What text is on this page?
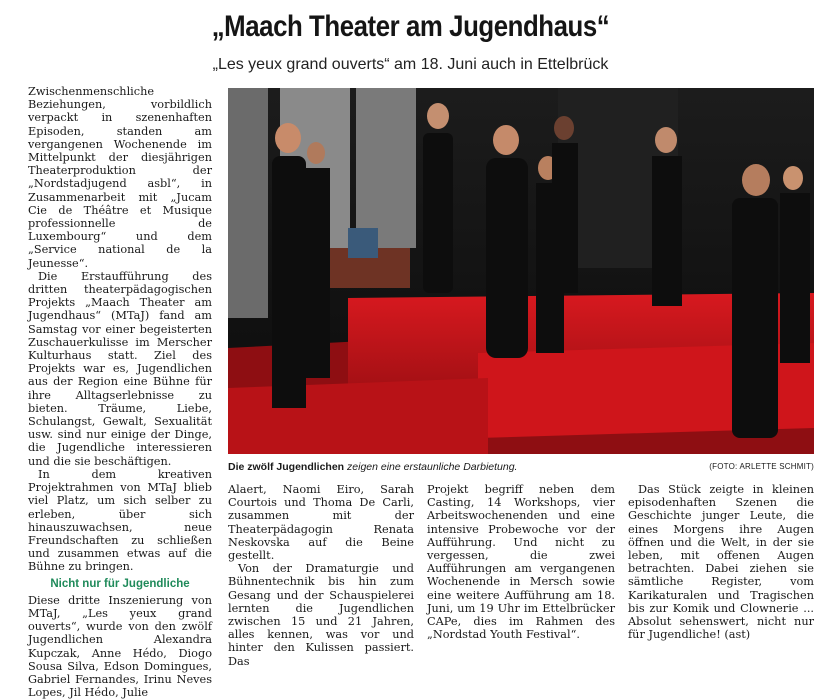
„Maach Theater am Jugendhaus“
„Les yeux grand ouverts“ am 18. Juni auch in Ettelbrück

Zwischenmenschliche Beziehungen, vorbildlich verpackt in szenenhaften Episoden, standen am vergangenen Wochenende im Mittelpunkt der diesjährigen Theaterproduktion der „Nordstadjugend asbl“, in Zusammenarbeit mit „Jucam Cie de Théâtre et Musique professionnelle de Luxembourg“ und dem „Service national de la Jeunesse“.

Die Erstaufführung des dritten theaterpädagogischen Projekts „Maach Theater am Jugendhaus“ (MTaJ) fand am Samstag vor einer begeisterten Zuschauerkulisse im Merscher Kulturhaus statt. Ziel des Projekts war es, Jugendlichen aus der Region eine Bühne für ihre Alltagserlebnisse zu bieten. Träume, Liebe, Schulangst, Gewalt, Sexualität usw. sind nur einige der Dinge, die Jugendliche interessieren und die sie beschäftigen.

In dem kreativen Projektrahmen von MTaJ blieb viel Platz, um sich selber zu erleben, über sich hinauszuwachsen, neue Freundschaften zu schließen und zusammen etwas auf die Bühne zu bringen.

Nicht nur für Jugendliche

Diese dritte Inszenierung von MTaJ, „Les yeux grand ouverts“, wurde von den zwölf Jugendlichen Alexandra Kupczak, Anne Hédo, Diogo Sousa Silva, Edson Domingues, Gabriel Fernandes, Irinu Neves Lopes, Jil Hédo, Julie

Alaert, Naomi Eiro, Sarah Courtois und Thoma De Carli, zusammen mit der Theaterpädagogin Renata Neskovska auf die Beine gestellt.

Von der Dramaturgie und Bühnentechnik bis hin zum Gesang und der Schauspielerei lernten die Jugendlichen zwischen 15 und 21 Jahren, alles kennen, was vor und hinter den Kulissen passiert. Das

Projekt begriff neben dem Casting, 14 Workshops, vier Arbeitswochenenden und eine intensive Probewoche vor der Aufführung. Und nicht zu vergessen, die zwei Aufführungen am vergangenen Wochenende in Mersch sowie eine weitere Aufführung am 18. Juni, um 19 Uhr im Ettelbrücker CAPe, dies im Rahmen des „Nordstad Youth Festival“.

Das Stück zeigte in kleinen episodenhaften Szenen die Geschichte junger Leute, die eines Morgens ihre Augen öffnen und die Welt, in der sie leben, mit offenen Augen betrachten. Dabei ziehen sie sämtliche Register, vom Karikaturalen und Tragischen bis zur Komik und Clownerie ... Absolut sehenswert, nicht nur für Jugendliche! (ast)

Die zwölf Jugendlichen zeigen eine erstaunliche Darbietung.	(FOTO: ARLETTE SCHMIT)
